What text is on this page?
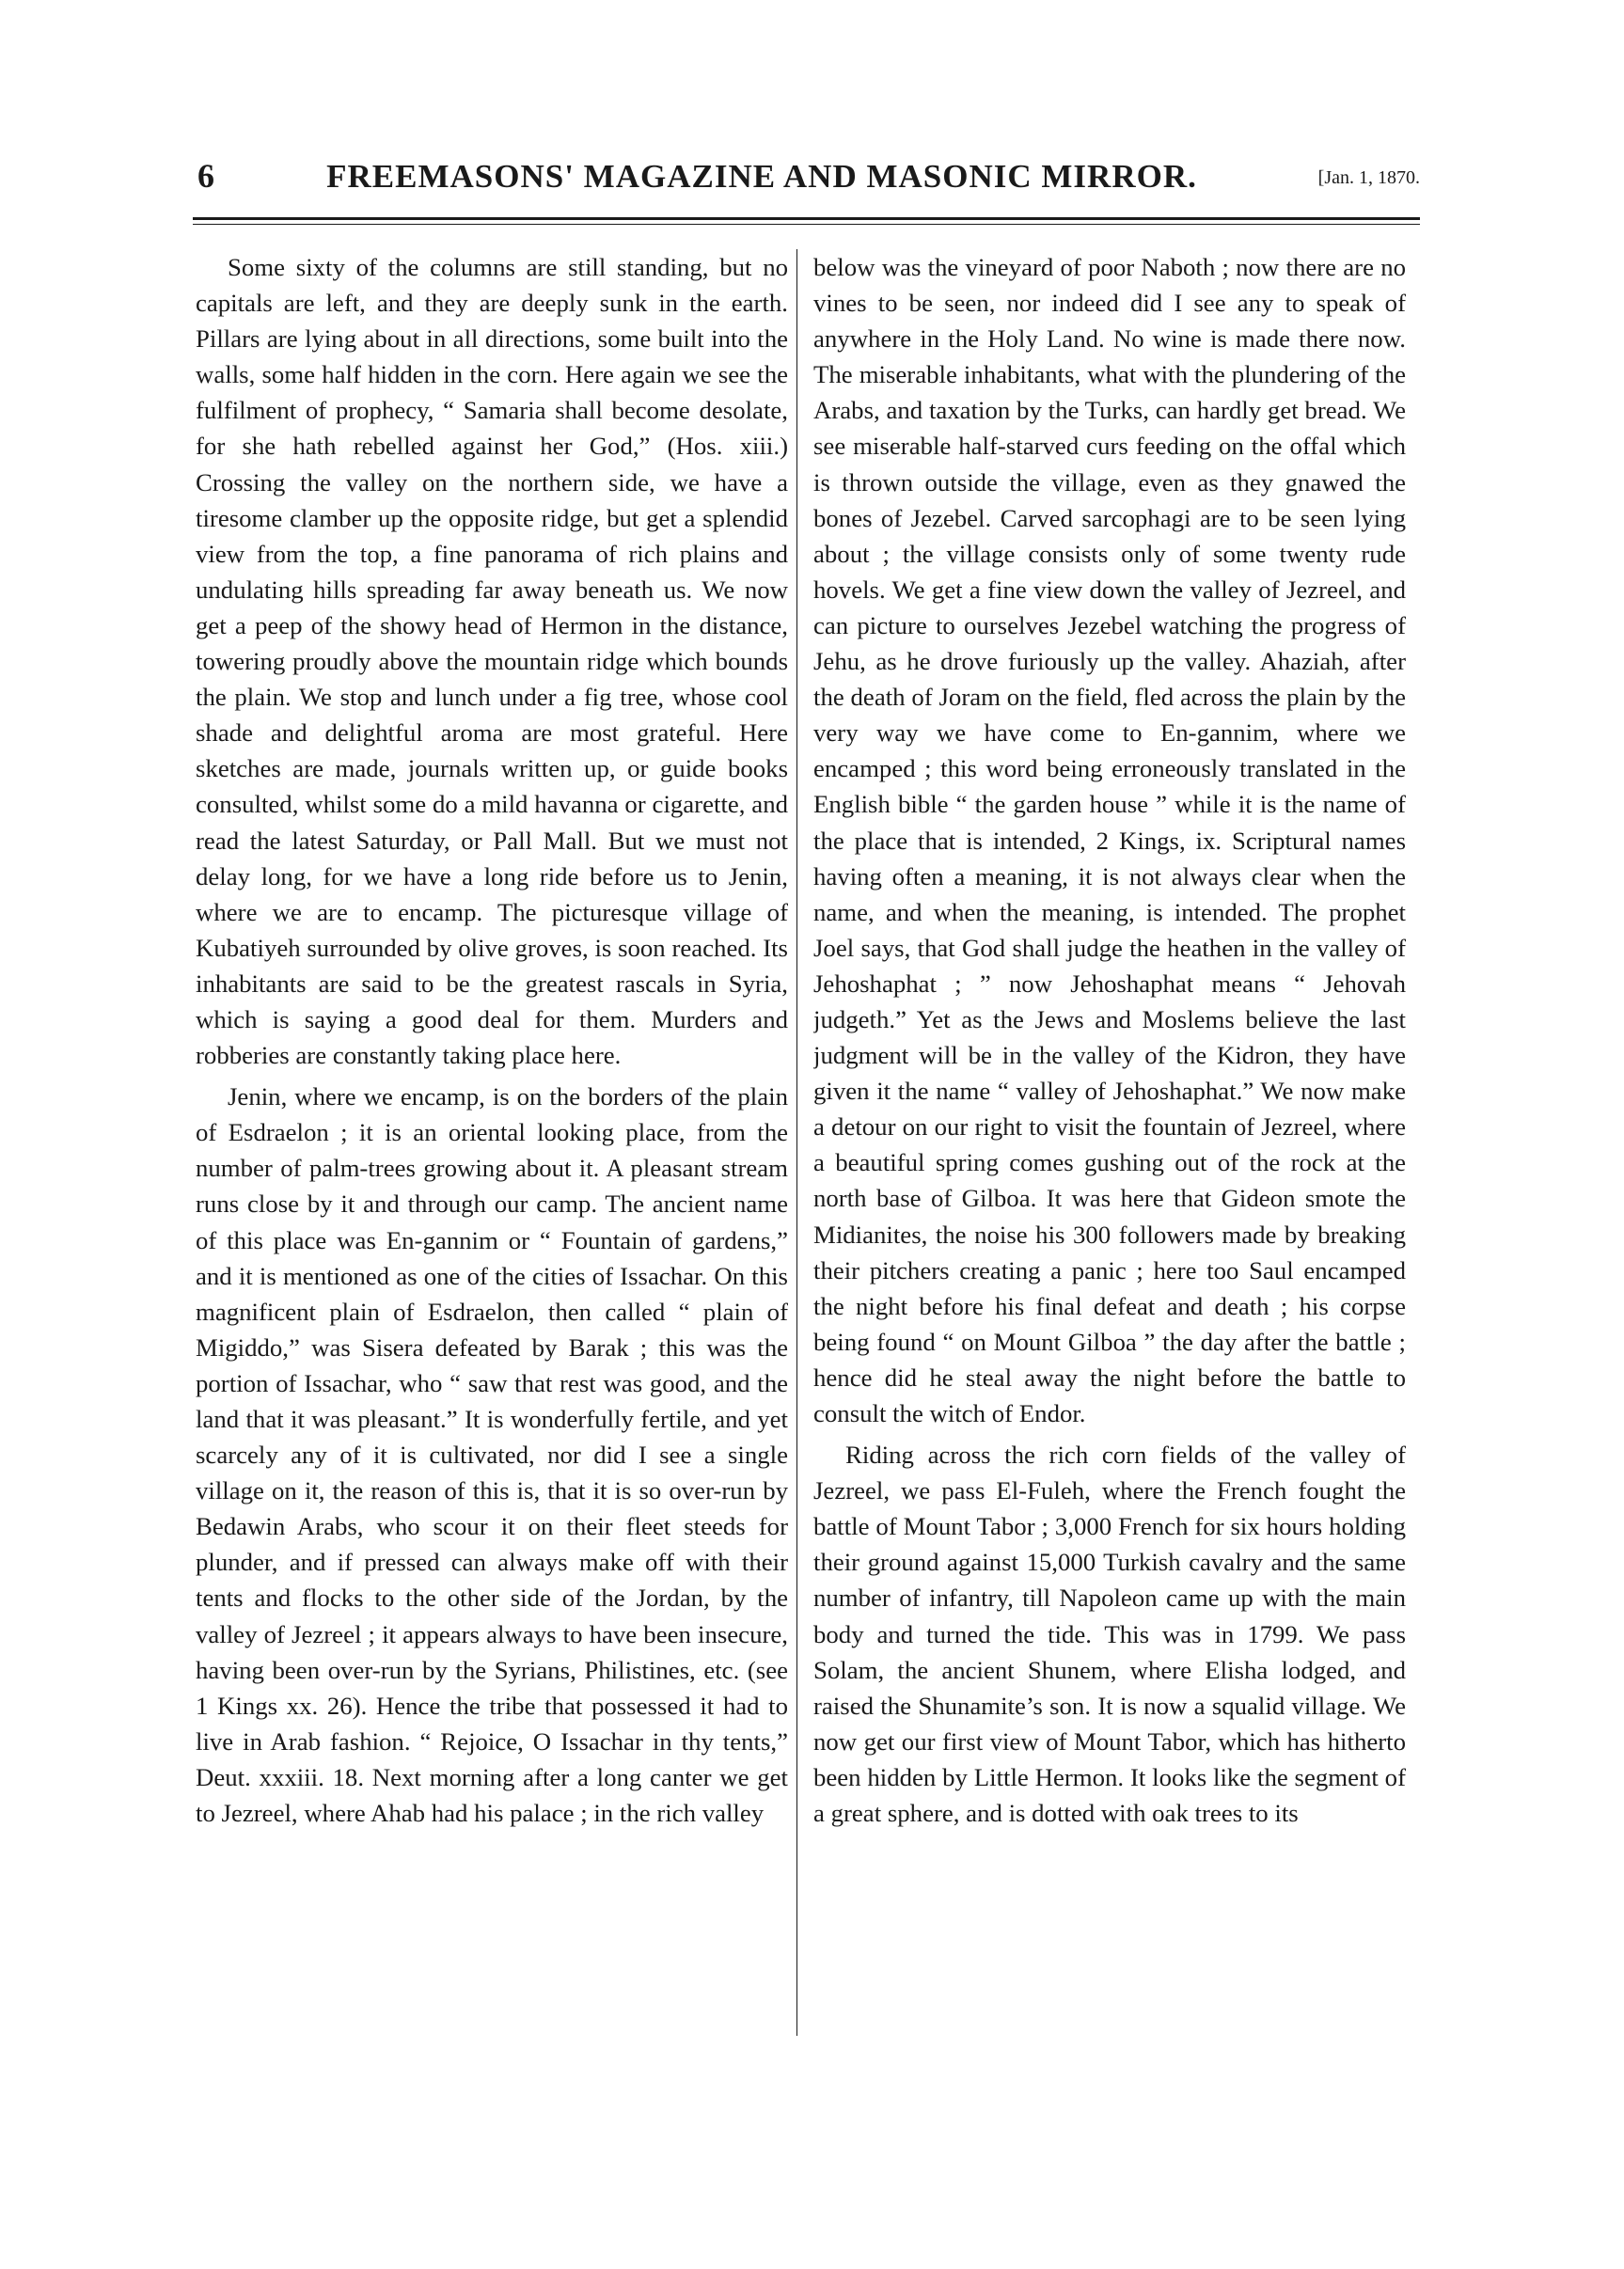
6	FREEMASONS' MAGAZINE AND MASONIC MIRROR.	[Jan. 1, 1870.

Some sixty of the columns are still standing, but no capitals are left, and they are deeply sunk in the earth. Pillars are lying about in all directions, some built into the walls, some half hidden in the corn. Here again we see the fulfilment of prophecy, “ Samaria shall become desolate, for she hath rebelled against her God,” (Hos. xiii.) Crossing the valley on the northern side, we have a tiresome clamber up the opposite ridge, but get a splendid view from the top, a fine panorama of rich plains and undulating hills spreading far away beneath us. We now get a peep of the showy head of Hermon in the distance, towering proudly above the mountain ridge which bounds the plain. We stop and lunch under a fig tree, whose cool shade and delightful aroma are most grateful. Here sketches are made, journals written up, or guide books consulted, whilst some do a mild havanna or cigarette, and read the latest Saturday, or Pall Mall. But we must not delay long, for we have a long ride before us to Jenin, where we are to encamp. The picturesque village of Kubatiyeh surrounded by olive groves, is soon reached. Its inhabitants are said to be the greatest rascals in Syria, which is saying a good deal for them. Murders and robberies are constantly taking place here.

Jenin, where we encamp, is on the borders of the plain of Esdraelon ; it is an oriental looking place, from the number of palm-trees growing about it. A pleasant stream runs close by it and through our camp. The ancient name of this place was En-gannim or “ Fountain of gardens,” and it is mentioned as one of the cities of Issachar. On this magnificent plain of Esdraelon, then called “ plain of Migiddo,” was Sisera defeated by Barak ; this was the portion of Issachar, who “ saw that rest was good, and the land that it was pleasant.” It is wonderfully fertile, and yet scarcely any of it is cultivated, nor did I see a single village on it, the reason of this is, that it is so over-run by Bedawin Arabs, who scour it on their fleet steeds for plunder, and if pressed can always make off with their tents and flocks to the other side of the Jordan, by the valley of Jezreel ; it appears always to have been insecure, having been over-run by the Syrians, Philistines, etc. (see 1 Kings xx. 26). Hence the tribe that possessed it had to live in Arab fashion. “ Rejoice, O Issachar in thy tents,” Deut. xxxiii. 18. Next morning after a long canter we get to Jezreel, where Ahab had his palace ; in the rich valley

below was the vineyard of poor Naboth ; now there are no vines to be seen, nor indeed did I see any to speak of anywhere in the Holy Land. No wine is made there now. The miserable inhabitants, what with the plundering of the Arabs, and taxation by the Turks, can hardly get bread. We see miserable half-starved curs feeding on the offal which is thrown outside the village, even as they gnawed the bones of Jezebel. Carved sarcophagi are to be seen lying about ; the village consists only of some twenty rude hovels. We get a fine view down the valley of Jezreel, and can picture to ourselves Jezebel watching the progress of Jehu, as he drove furiously up the valley. Ahaziah, after the death of Joram on the field, fled across the plain by the very way we have come to En-gannim, where we encamped ; this word being erroneously translated in the English bible “ the garden house ” while it is the name of the place that is intended, 2 Kings, ix. Scriptural names having often a meaning, it is not always clear when the name, and when the meaning, is intended. The prophet Joel says, that God shall judge the heathen in the valley of Jehoshaphat ; ” now Jehoshaphat means “ Jehovah judgeth.” Yet as the Jews and Moslems believe the last judgment will be in the valley of the Kidron, they have given it the name “ valley of Jehoshaphat.” We now make a detour on our right to visit the fountain of Jezreel, where a beautiful spring comes gushing out of the rock at the north base of Gilboa. It was here that Gideon smote the Midianites, the noise his 300 followers made by breaking their pitchers creating a panic ; here too Saul encamped the night before his final defeat and death ; his corpse being found “ on Mount Gilboa ” the day after the battle ; hence did he steal away the night before the battle to consult the witch of Endor.

Riding across the rich corn fields of the valley of Jezreel, we pass El-Fuleh, where the French fought the battle of Mount Tabor ; 3,000 French for six hours holding their ground against 15,000 Turkish cavalry and the same number of infantry, till Napoleon came up with the main body and turned the tide. This was in 1799. We pass Solam, the ancient Shunem, where Elisha lodged, and raised the Shunamite’s son. It is now a squalid village. We now get our first view of Mount Tabor, which has hitherto been hidden by Little Hermon. It looks like the segment of a great sphere, and is dotted with oak trees to its
